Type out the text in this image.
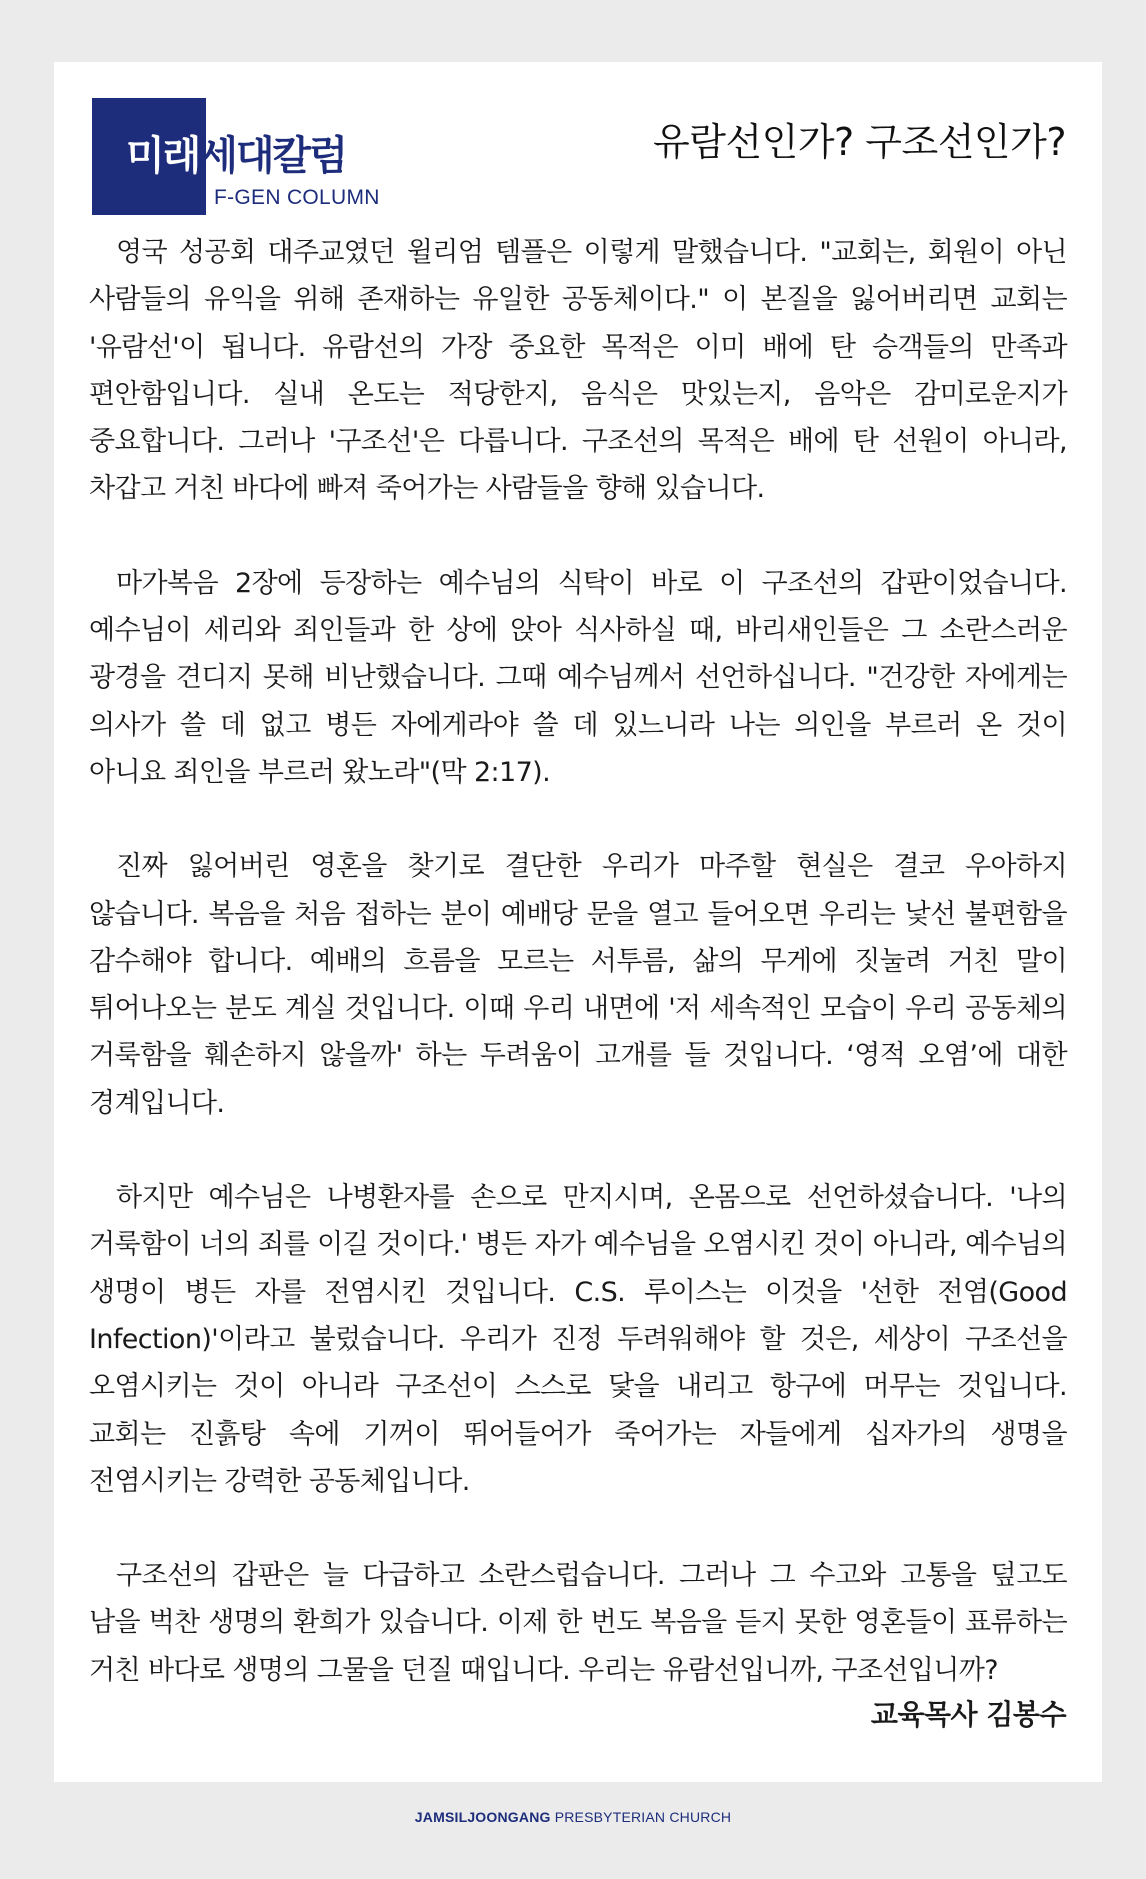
미래세대칼럼
F-GEN COLUMN
유람선인가? 구조선인가?

영국 성공회 대주교였던 윌리엄 템플은 이렇게 말했습니다. "교회는, 회원이 아닌 사람들의 유익을 위해 존재하는 유일한 공동체이다." 이 본질을 잃어버리면 교회는 '유람선'이 됩니다. 유람선의 가장 중요한 목적은 이미 배에 탄 승객들의 만족과 편안함입니다. 실내 온도는 적당한지, 음식은 맛있는지, 음악은 감미로운지가 중요합니다. 그러나 '구조선'은 다릅니다. 구조선의 목적은 배에 탄 선원이 아니라, 차갑고 거친 바다에 빠져 죽어가는 사람들을 향해 있습니다.

마가복음 2장에 등장하는 예수님의 식탁이 바로 이 구조선의 갑판이었습니다. 예수님이 세리와 죄인들과 한 상에 앉아 식사하실 때, 바리새인들은 그 소란스러운 광경을 견디지 못해 비난했습니다. 그때 예수님께서 선언하십니다. "건강한 자에게는 의사가 쓸 데 없고 병든 자에게라야 쓸 데 있느니라 나는 의인을 부르러 온 것이 아니요 죄인을 부르러 왔노라"(막 2:17).

진짜 잃어버린 영혼을 찾기로 결단한 우리가 마주할 현실은 결코 우아하지 않습니다. 복음을 처음 접하는 분이 예배당 문을 열고 들어오면 우리는 낯선 불편함을 감수해야 합니다. 예배의 흐름을 모르는 서투름, 삶의 무게에 짓눌려 거친 말이 튀어나오는 분도 계실 것입니다. 이때 우리 내면에 '저 세속적인 모습이 우리 공동체의 거룩함을 훼손하지 않을까' 하는 두려움이 고개를 들 것입니다. ‘영적 오염’에 대한 경계입니다.

하지만 예수님은 나병환자를 손으로 만지시며, 온몸으로 선언하셨습니다. '나의 거룩함이 너의 죄를 이길 것이다.' 병든 자가 예수님을 오염시킨 것이 아니라, 예수님의 생명이 병든 자를 전염시킨 것입니다. C.S. 루이스는 이것을 '선한 전염(Good Infection)'이라고 불렀습니다. 우리가 진정 두려워해야 할 것은, 세상이 구조선을 오염시키는 것이 아니라 구조선이 스스로 닻을 내리고 항구에 머무는 것입니다. 교회는 진흙탕 속에 기꺼이 뛰어들어가 죽어가는 자들에게 십자가의 생명을 전염시키는 강력한 공동체입니다.

구조선의 갑판은 늘 다급하고 소란스럽습니다. 그러나 그 수고와 고통을 덮고도 남을 벅찬 생명의 환희가 있습니다. 이제 한 번도 복음을 듣지 못한 영혼들이 표류하는 거친 바다로 생명의 그물을 던질 때입니다. 우리는 유람선입니까, 구조선입니까?

교육목사 김봉수
JAMSILJOONGANG PRESBYTERIAN CHURCH
